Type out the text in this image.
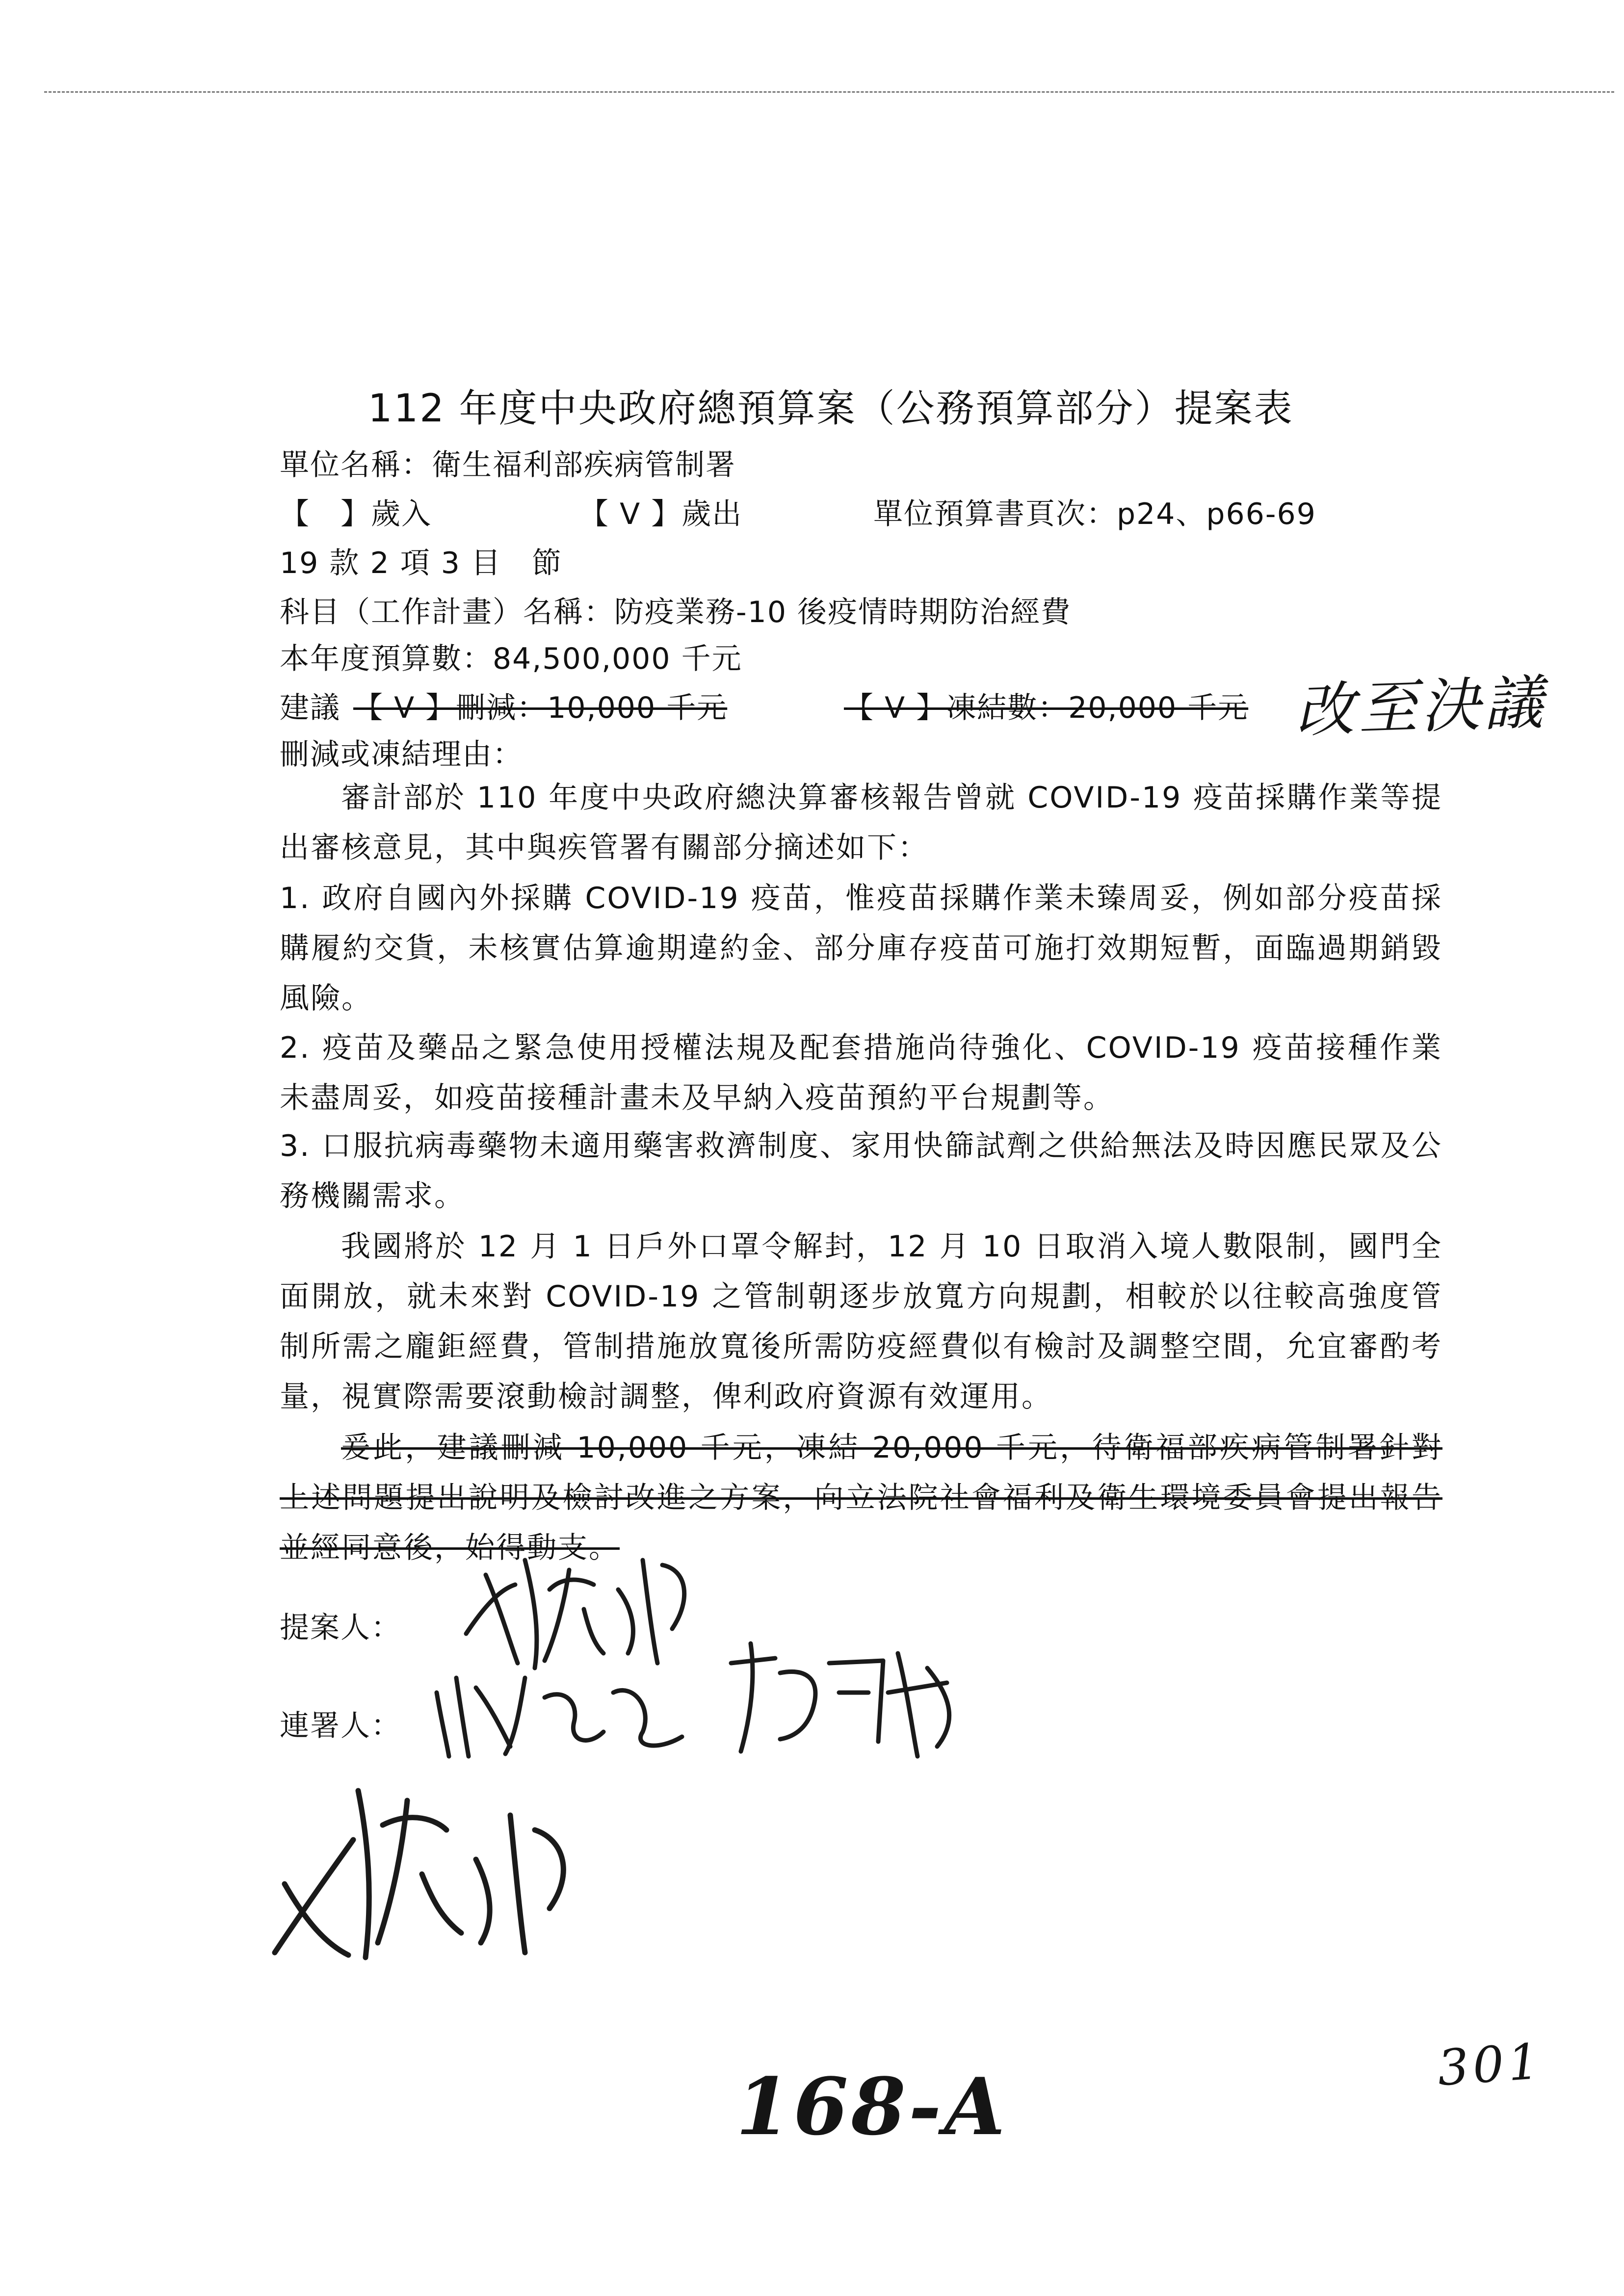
112 年度中央政府總預算案（公務預算部分）提案表
單位名稱：衛生福利部疾病管制署
【　】歲入	【 V 】歲出	單位預算書頁次：p24、p66-69
19 款 2 項 3 目　節
科目（工作計畫）名稱：防疫業務-10 後疫情時期防治經費
本年度預算數：84,500,000 千元
建議 【 V 】刪減：10,000 千元	【 V 】凍結數：20,000 千元 改至決議
刪減或凍結理由：
審計部於 110 年度中央政府總決算審核報告曾就 COVID-19 疫苗採購作業等提出審核意見，其中與疾管署有關部分摘述如下：
1. 政府自國內外採購 COVID-19 疫苗，惟疫苗採購作業未臻周妥，例如部分疫苗採購履約交貨，未核實估算逾期違約金、部分庫存疫苗可施打效期短暫，面臨過期銷毀風險。
2. 疫苗及藥品之緊急使用授權法規及配套措施尚待強化、COVID-19 疫苗接種作業未盡周妥，如疫苗接種計畫未及早納入疫苗預約平台規劃等。
3. 口服抗病毒藥物未適用藥害救濟制度、家用快篩試劑之供給無法及時因應民眾及公務機關需求。
我國將於 12 月 1 日戶外口罩令解封，12 月 10 日取消入境人數限制，國門全面開放，就未來對 COVID-19 之管制朝逐步放寬方向規劃，相較於以往較高強度管制所需之龐鉅經費，管制措施放寬後所需防疫經費似有檢討及調整空間，允宜審酌考量，視實際需要滾動檢討調整，俾利政府資源有效運用。
爰此，建議刪減 10,000 千元，凍結 20,000 千元，待衛福部疾病管制署針對上述問題提出說明及檢討改進之方案，向立法院社會福利及衛生環境委員會提出報告並經同意後，始得動支。
提案人：
連署人：
168-A	301
